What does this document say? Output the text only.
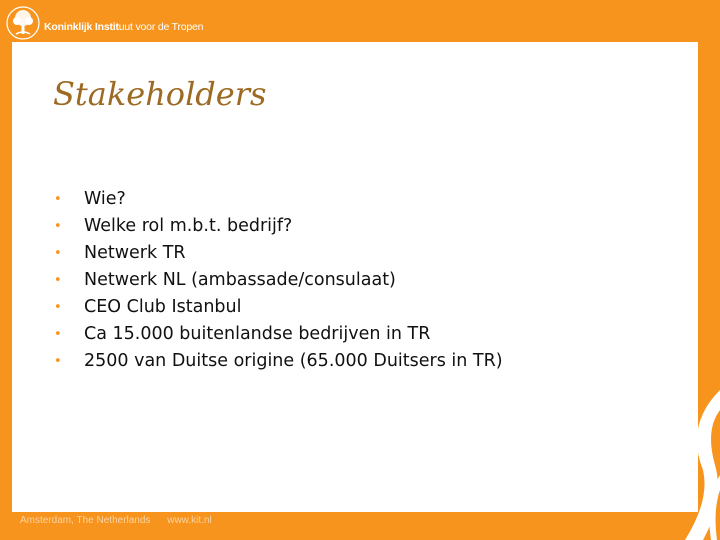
Koninklijk Instituut voor de Tropen
Stakeholders
• Wie?
• Welke rol m.b.t. bedrijf?
• Netwerk TR
• Netwerk NL (ambassade/consulaat)
• CEO Club Istanbul
• Ca 15.000 buitenlandse bedrijven in TR
• 2500 van Duitse origine (65.000 Duitsers in TR)
Amsterdam, The Netherlands www.kit.nl
